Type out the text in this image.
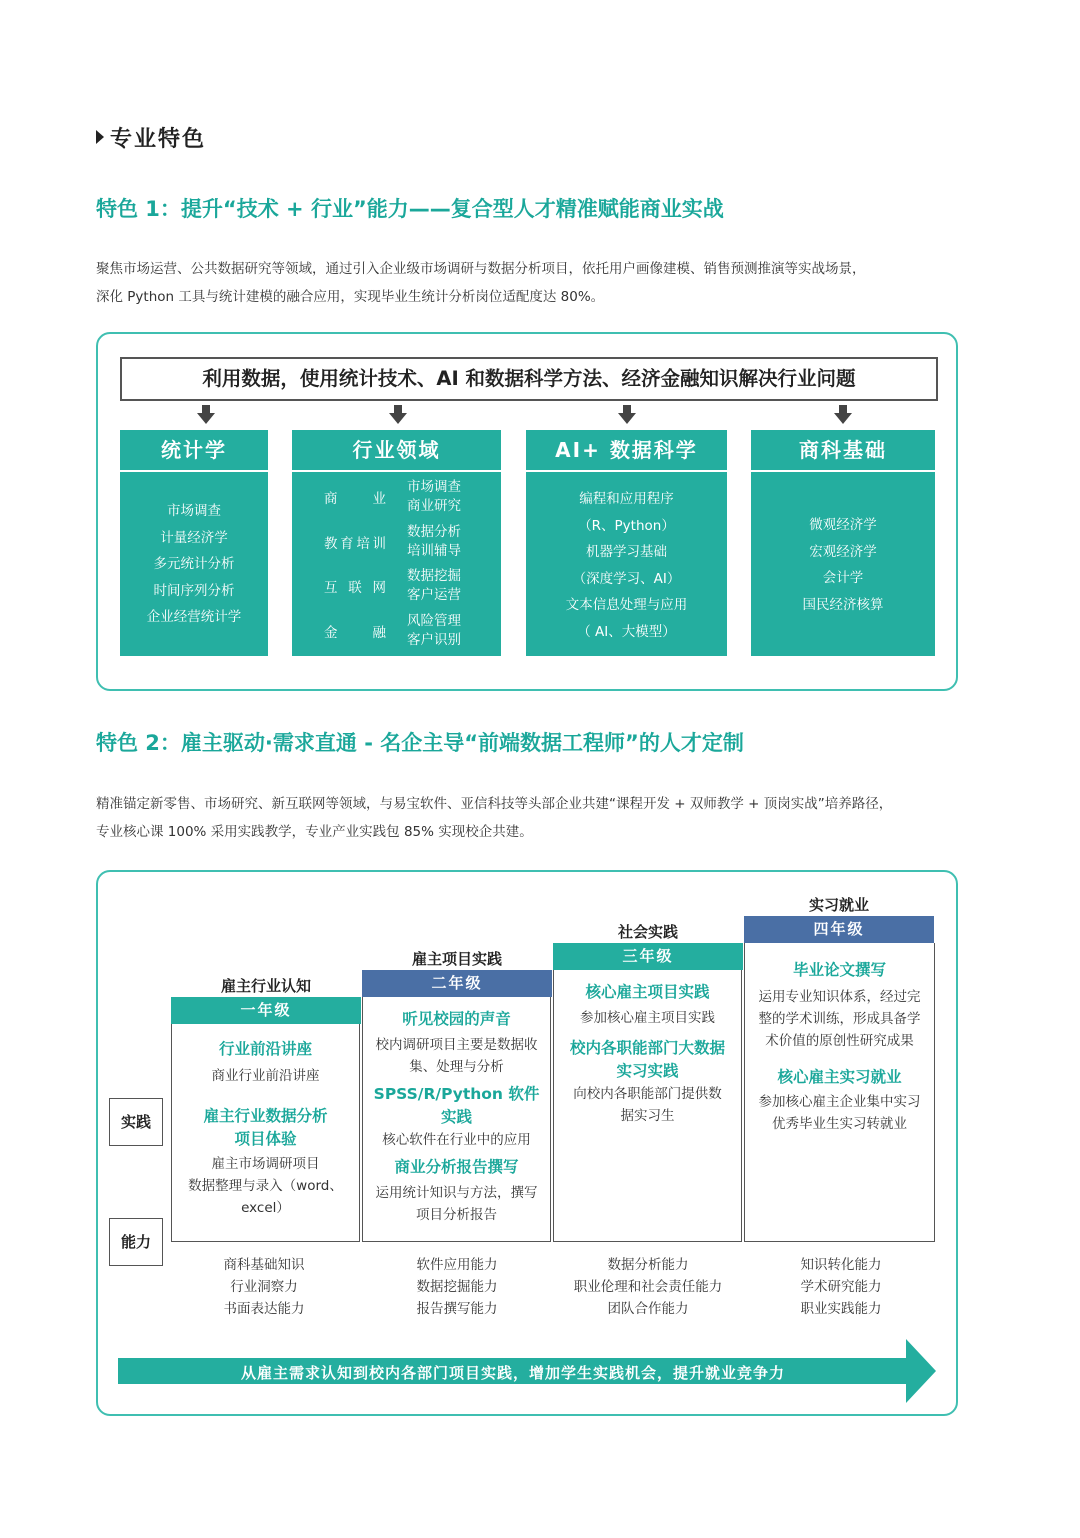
专业特色
特色 1：提升“技术 + 行业”能力——复合型人才精准赋能商业实战
聚焦市场运营、公共数据研究等领域，通过引入企业级市场调研与数据分析项目，依托用户画像建模、销售预测推演等实战场景，
深化 Python 工具与统计建模的融合应用，实现毕业生统计分析岗位适配度达 80%。
利用数据，使用统计技术、AI 和数据科学方法、经济金融知识解决行业问题
统计学
市场调查
计量经济学
多元统计分析
时间序列分析
企业经营统计学
行业领域
商业
市场调查
商业研究
教育培训
数据分析
培训辅导
互联网
数据挖掘
客户运营
金融
风险管理
客户识别
AI+ 数据科学
编程和应用程序
（R、Python）
机器学习基础
（深度学习、AI）
文本信息处理与应用
（ AI、大模型）
商科基础
微观经济学
宏观经济学
会计学
国民经济核算
特色 2：雇主驱动·需求直通 - 名企主导“前端数据工程师”的人才定制
精准锚定新零售、市场研究、新互联网等领域，与易宝软件、亚信科技等头部企业共建“课程开发 + 双师教学 + 顶岗实战”培养路径，
专业核心课 100% 采用实践教学，专业产业实践包 85% 实现校企共建。
雇主行业认知
一年级
雇主项目实践
二年级
社会实践
三年级
实习就业
四年级
行业前沿讲座
商业行业前沿讲座
雇主行业数据分析
项目体验
雇主市场调研项目
数据整理与录入（word、
excel）
听见校园的声音
校内调研项目主要是数据收
集、处理与分析
SPSS/R/Python 软件
实践
核心软件在行业中的应用
商业分析报告撰写
运用统计知识与方法，撰写
项目分析报告
核心雇主项目实践
参加核心雇主项目实践
校内各职能部门大数据
实习实践
向校内各职能部门提供数
据实习生
毕业论文撰写
运用专业知识体系，经过完
整的学术训练，形成具备学
术价值的原创性研究成果
核心雇主实习就业
参加核心雇主企业集中实习
优秀毕业生实习转就业
实践
能力
商科基础知识
行业洞察力
书面表达能力
软件应用能力
数据挖掘能力
报告撰写能力
数据分析能力
职业伦理和社会责任能力
团队合作能力
知识转化能力
学术研究能力
职业实践能力
从雇主需求认知到校内各部门项目实践，增加学生实践机会，提升就业竞争力
